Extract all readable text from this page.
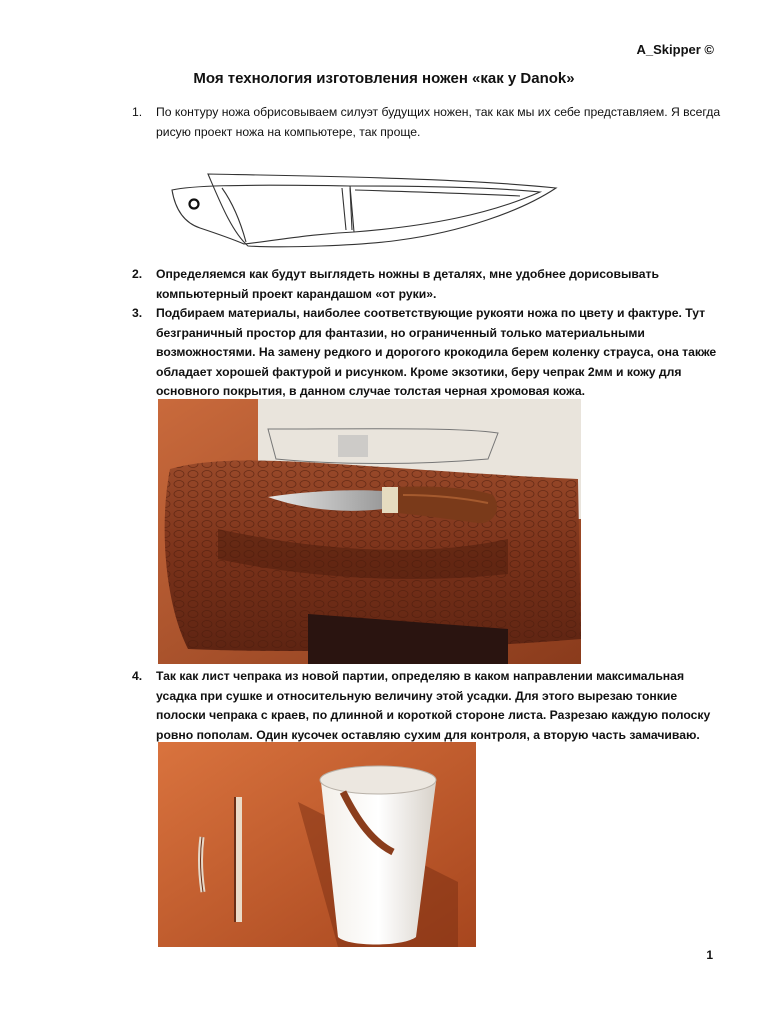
A_Skipper ©
Моя технология изготовления ножен «как у Danok»
1.	По контуру ножа обрисовываем силуэт будущих ножен, так как мы их себе представляем. Я всегда рисую проект ножа на компьютере, так проще.
2.	Определяемся как будут выглядеть ножны в деталях, мне удобнее дорисовывать компьютерный проект карандашом «от руки».
3.	Подбираем материалы, наиболее соответствующие рукояти ножа по цвету и фактуре. Тут безграничный простор для фантазии, но ограниченный только материальными возможностями. На замену редкого и дорогого крокодила берем коленку страуса, она также обладает хорошей фактурой и рисунком. Кроме экзотики, беру чепрак 2мм и кожу для основного покрытия, в данном случае толстая черная хромовая кожа.
4.	Так как лист чепрака из новой партии, определяю в каком направлении максимальная усадка при сушке и относительную величину этой усадки. Для этого вырезаю тонкие полоски чепрака с краев, по длинной и короткой стороне листа. Разрезаю каждую полоску ровно пополам. Один кусочек оставляю сухим для контроля, а вторую часть замачиваю.
1
